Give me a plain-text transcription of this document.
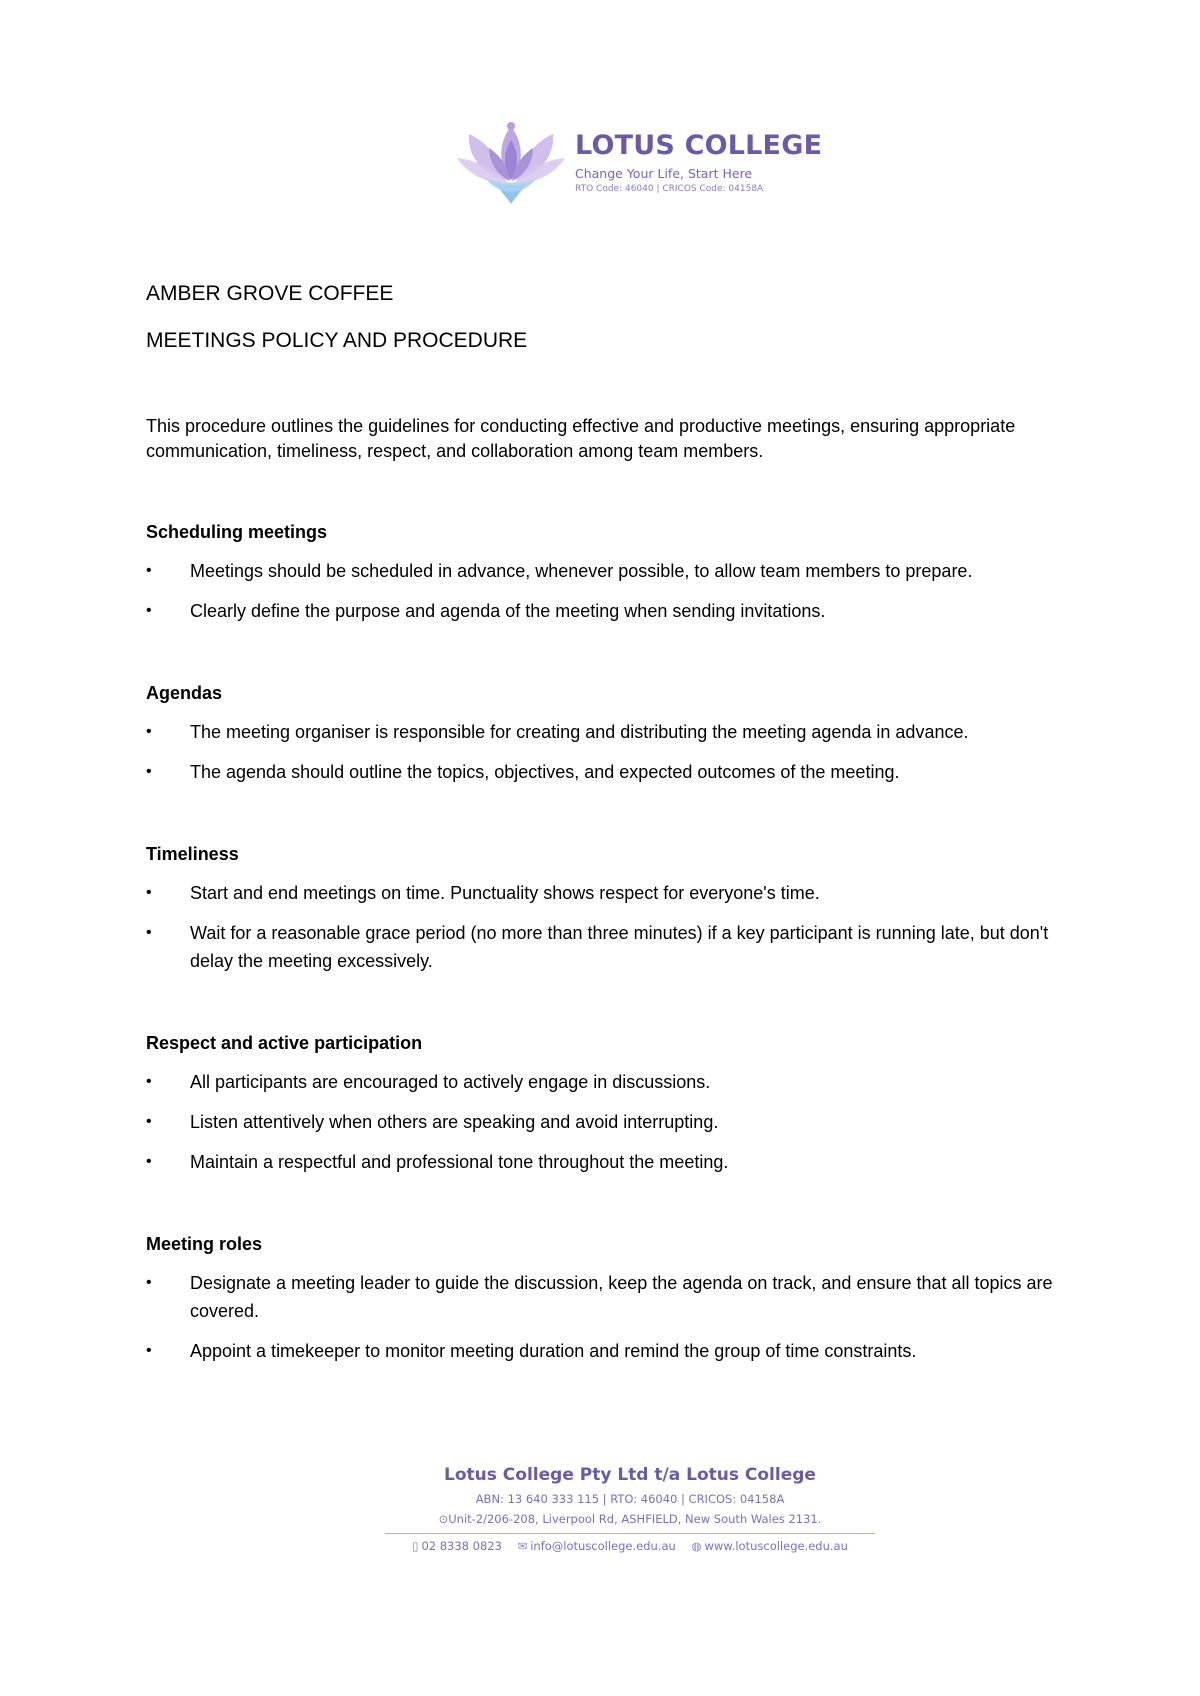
LOTUS COLLEGE
Change Your Life, Start Here
RTO Code: 46040 | CRICOS Code: 04158A
AMBER GROVE COFFEE
MEETINGS POLICY AND PROCEDURE

This procedure outlines the guidelines for conducting effective and productive meetings, ensuring appropriate communication, timeliness, respect, and collaboration among team members.

Scheduling meetings
• Meetings should be scheduled in advance, whenever possible, to allow team members to prepare.
• Clearly define the purpose and agenda of the meeting when sending invitations.
Agendas
• The meeting organiser is responsible for creating and distributing the meeting agenda in advance.
• The agenda should outline the topics, objectives, and expected outcomes of the meeting.
Timeliness
• Start and end meetings on time. Punctuality shows respect for everyone's time.
• Wait for a reasonable grace period (no more than three minutes) if a key participant is running late, but don't delay the meeting excessively.
Respect and active participation
• All participants are encouraged to actively engage in discussions.
• Listen attentively when others are speaking and avoid interrupting.
• Maintain a respectful and professional tone throughout the meeting.
Meeting roles
• Designate a meeting leader to guide the discussion, keep the agenda on track, and ensure that all topics are covered.
• Appoint a timekeeper to monitor meeting duration and remind the group of time constraints.

Lotus College Pty Ltd t/a Lotus College

ABN: 13 640 333 115 | RTO: 46040 | CRICOS: 04158A

⊙Unit-2/206-208, Liverpool Rd, ASHFIELD, New South Wales 2131.

▯ 02 8338 0823 ✉ info@lotuscollege.edu.au ◍ www.lotuscollege.edu.au
